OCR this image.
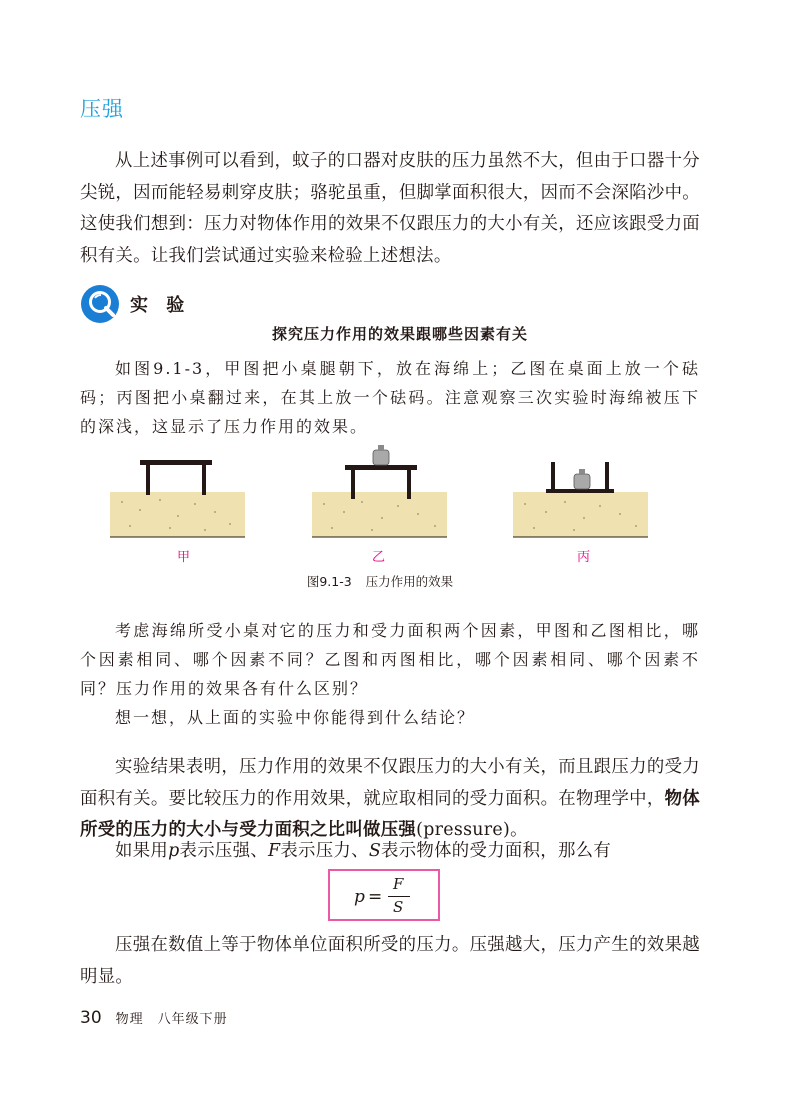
压强

从上述事例可以看到，蚊子的口器对皮肤的压力虽然不大，但由于口器十分尖锐，因而能轻易刺穿皮肤；骆驼虽重，但脚掌面积很大，因而不会深陷沙中。这使我们想到：压力对物体作用的效果不仅跟压力的大小有关，还应该跟受力面积有关。让我们尝试通过实验来检验上述想法。

实 验
探究压力作用的效果跟哪些因素有关

如图9.1-3，甲图把小桌腿朝下，放在海绵上；乙图在桌面上放一个砝码；丙图把小桌翻过来，在其上放一个砝码。注意观察三次实验时海绵被压下的深浅，这显示了压力作用的效果。

甲	乙	丙
图9.1-3 压力作用的效果

考虑海绵所受小桌对它的压力和受力面积两个因素，甲图和乙图相比，哪个因素相同、哪个因素不同？乙图和丙图相比，哪个因素相同、哪个因素不同？压力作用的效果各有什么区别？

想一想，从上面的实验中你能得到什么结论？

实验结果表明，压力作用的效果不仅跟压力的大小有关，而且跟压力的受力面积有关。要比较压力的作用效果，就应取相同的受力面积。在物理学中，物体所受的压力的大小与受力面积之比叫做压强(pressure)。

如果用p表示压强、F表示压力、S表示物体的受力面积，那么有

p =
F
S

压强在数值上等于物体单位面积所受的压力。压强越大，压力产生的效果越明显。

30 物理　八年级下册
